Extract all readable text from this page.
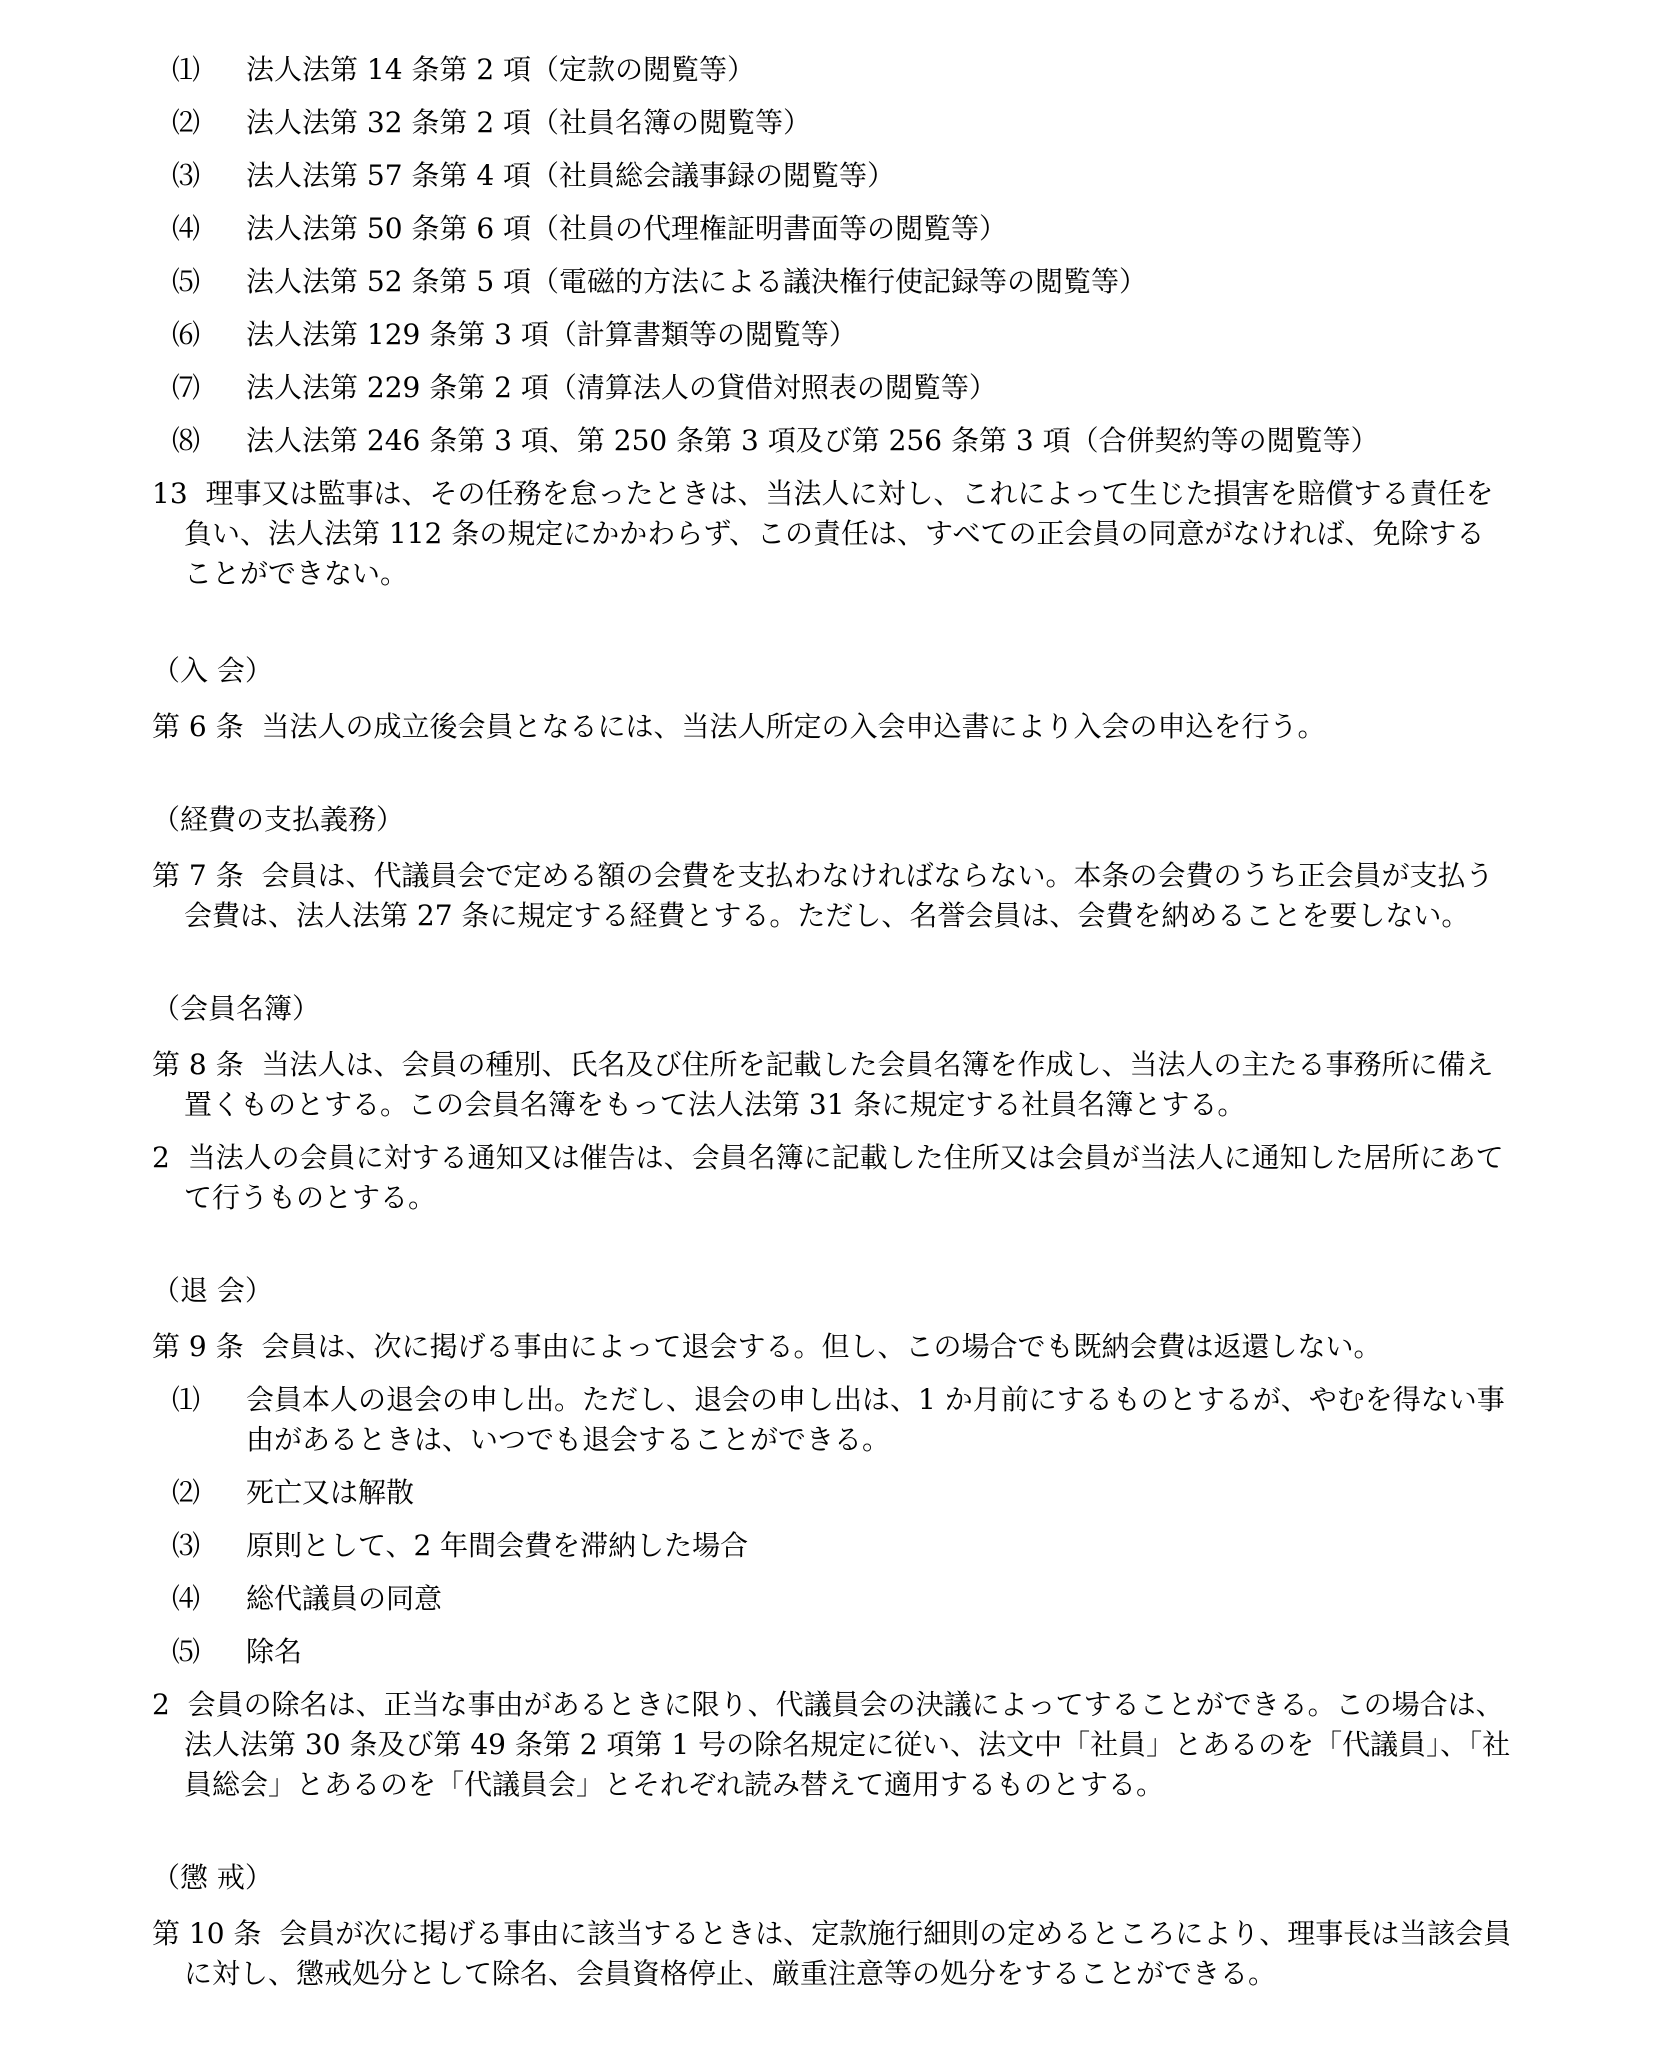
⑴	法人法第 14 条第 2 項（定款の閲覧等）
⑵	法人法第 32 条第 2 項（社員名簿の閲覧等）
⑶	法人法第 57 条第 4 項（社員総会議事録の閲覧等）
⑷	法人法第 50 条第 6 項（社員の代理権証明書面等の閲覧等）
⑸	法人法第 52 条第 5 項（電磁的方法による議決権行使記録等の閲覧等）
⑹	法人法第 129 条第 3 項（計算書類等の閲覧等）
⑺	法人法第 229 条第 2 項（清算法人の貸借対照表の閲覧等）
⑻	法人法第 246 条第 3 項、第 250 条第 3 項及び第 256 条第 3 項（合併契約等の閲覧等）
13 理事又は監事は、その任務を怠ったときは、当法人に対し、これによって生じた損害を賠償する責任を負い、法人法第 112 条の規定にかかわらず、この責任は、すべての正会員の同意がなければ、免除することができない。
（入 会）
第 6 条 当法人の成立後会員となるには、当法人所定の入会申込書により入会の申込を行う。
（経費の支払義務）
第 7 条 会員は、代議員会で定める額の会費を支払わなければならない。本条の会費のうち正会員が支払う会費は、法人法第 27 条に規定する経費とする。ただし、名誉会員は、会費を納めることを要しない。
（会員名簿）
第 8 条 当法人は、会員の種別、氏名及び住所を記載した会員名簿を作成し、当法人の主たる事務所に備え置くものとする。この会員名簿をもって法人法第 31 条に規定する社員名簿とする。
2 当法人の会員に対する通知又は催告は、会員名簿に記載した住所又は会員が当法人に通知した居所にあてて行うものとする。
（退 会）
第 9 条 会員は、次に掲げる事由によって退会する。但し、この場合でも既納会費は返還しない。
⑴	会員本人の退会の申し出。ただし、退会の申し出は、1 か月前にするものとするが、やむを得ない事由があるときは、いつでも退会することができる。
⑵	死亡又は解散
⑶	原則として、2 年間会費を滞納した場合
⑷	総代議員の同意
⑸	除名
2 会員の除名は、正当な事由があるときに限り、代議員会の決議によってすることができる。この場合は、法人法第 30 条及び第 49 条第 2 項第 1 号の除名規定に従い、法文中「社員」とあるのを「代議員」、「社員総会」とあるのを「代議員会」とそれぞれ読み替えて適用するものとする。
（懲 戒）
第 10 条 会員が次に掲げる事由に該当するときは、定款施行細則の定めるところにより、理事長は当該会員に対し、懲戒処分として除名、会員資格停止、厳重注意等の処分をすることができる。
